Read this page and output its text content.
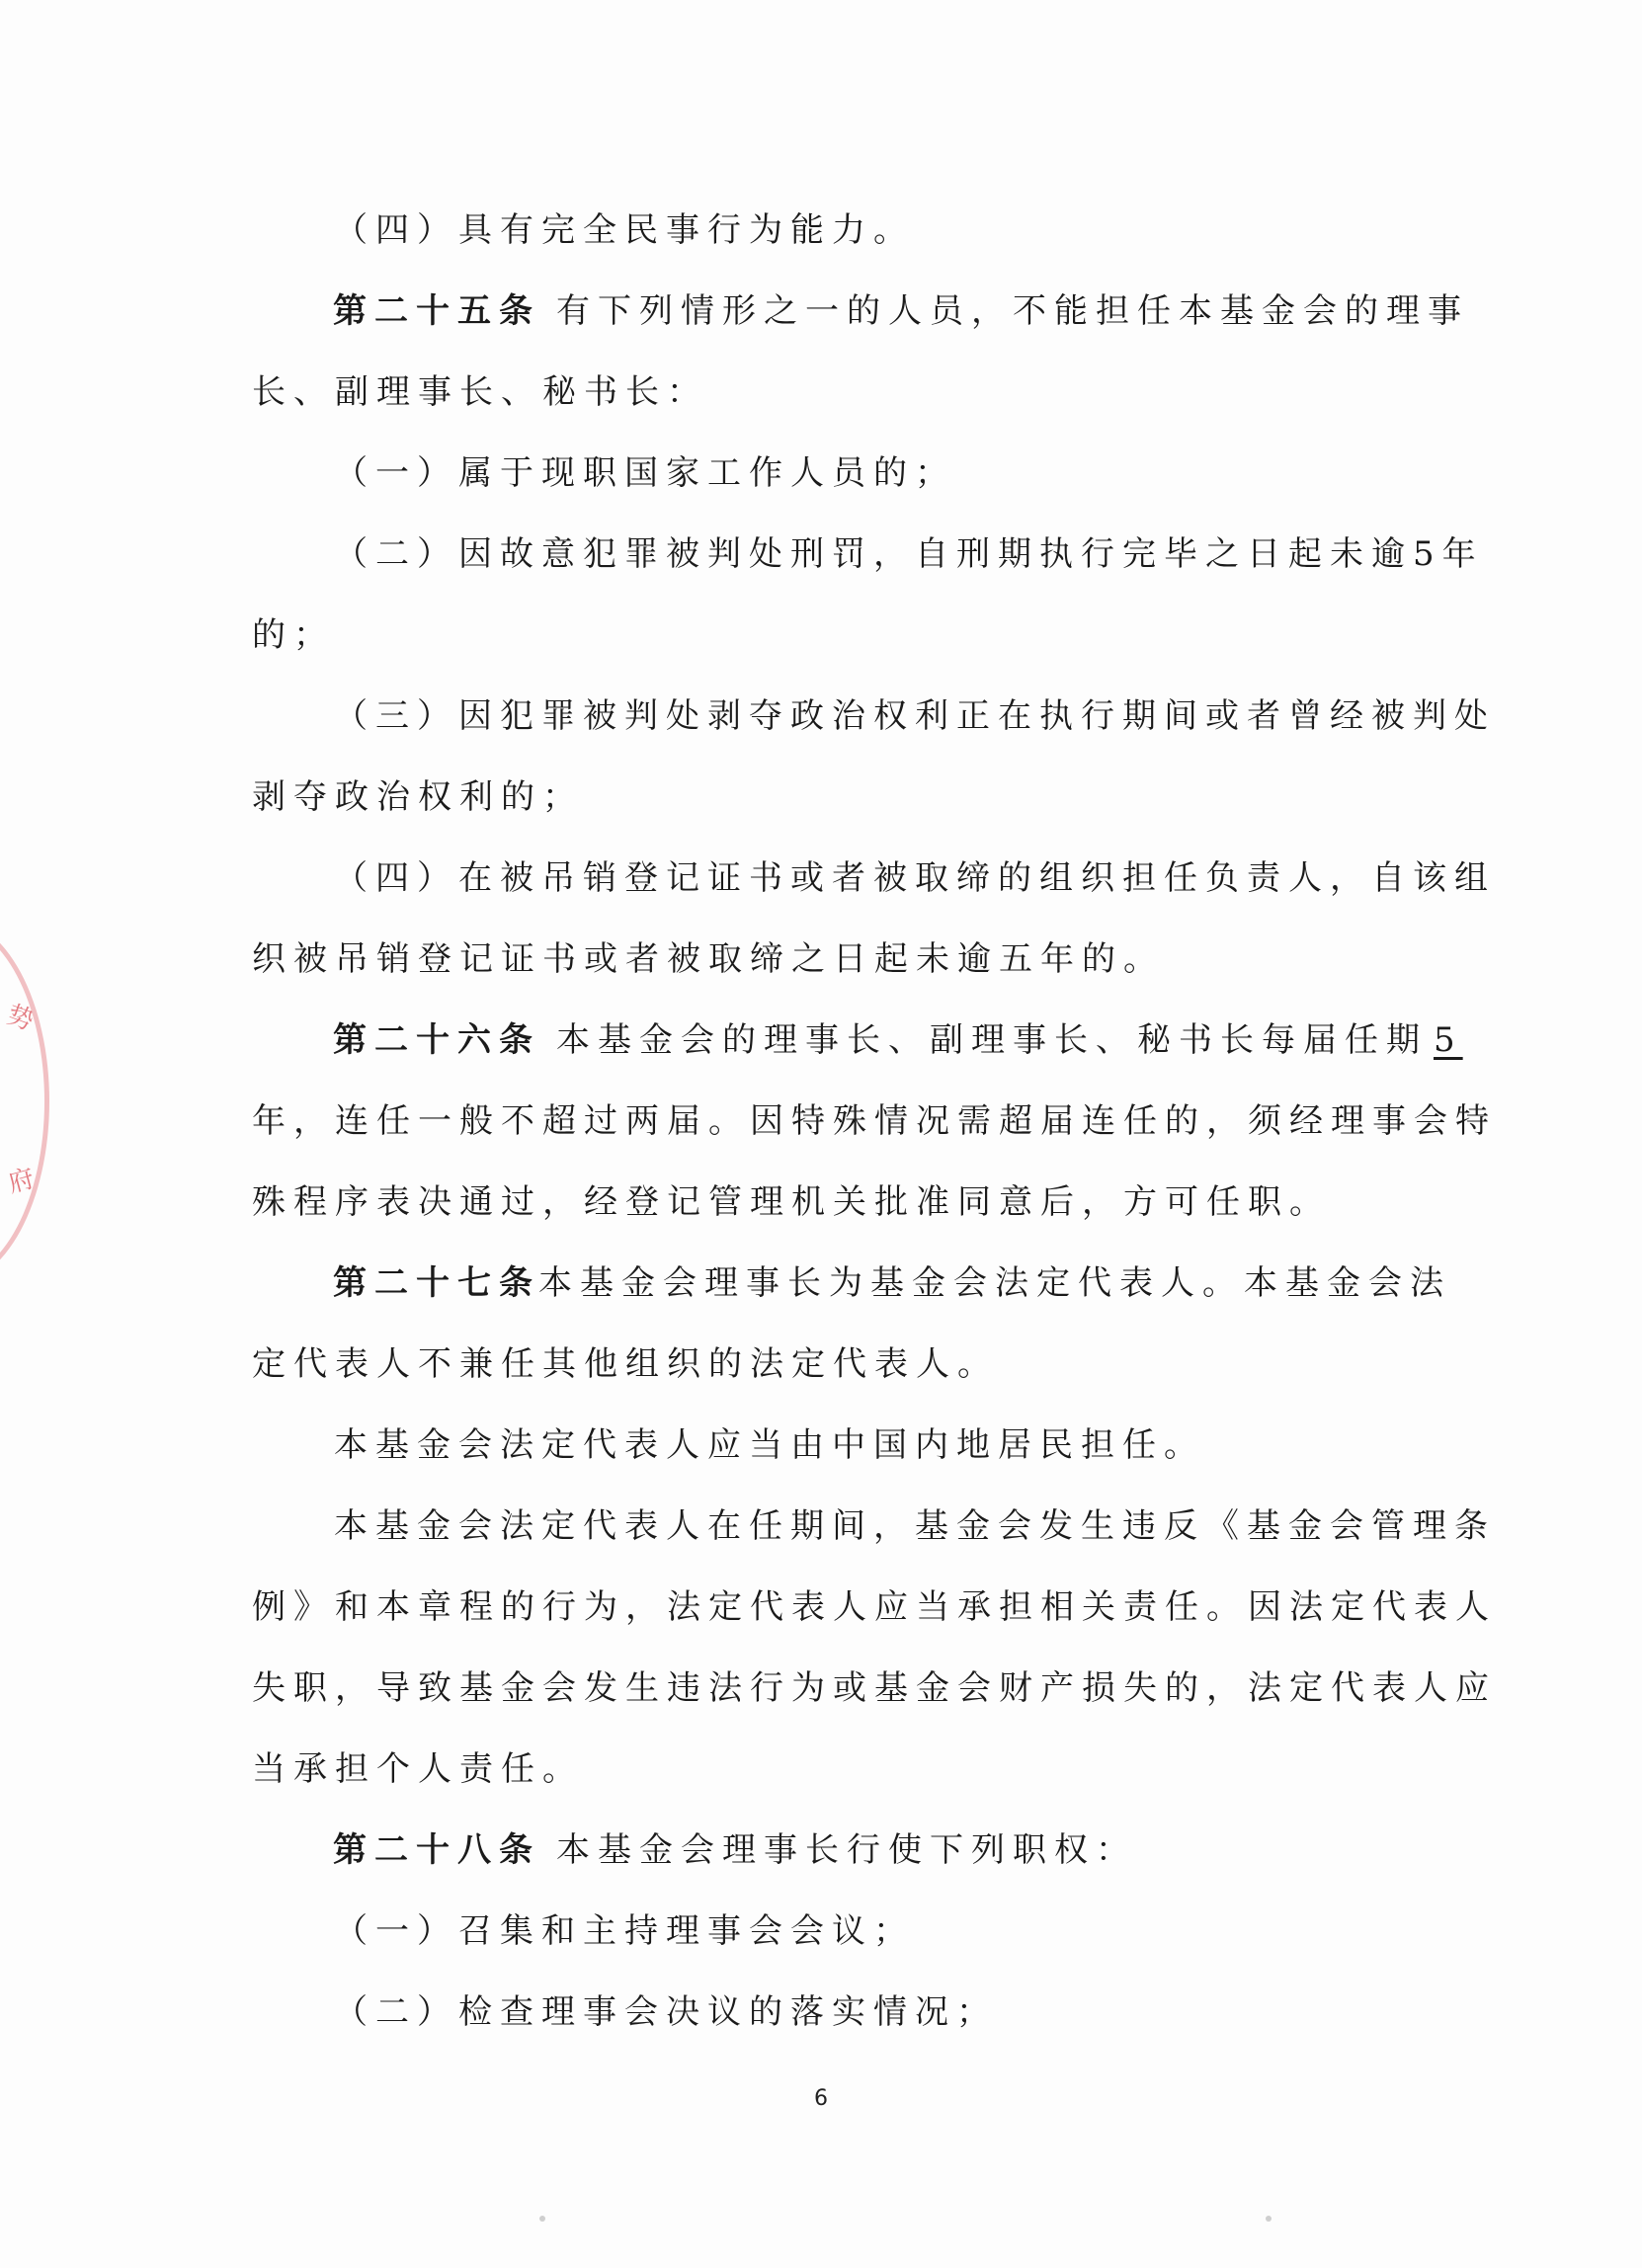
势
府
（四）具有完全民事行为能力。
第二十五条 有下列情形之一的人员，不能担任本基金会的理事
长、副理事长、秘书长：
（一）属于现职国家工作人员的；
（二）因故意犯罪被判处刑罚，自刑期执行完毕之日起未逾5年
的；
（三）因犯罪被判处剥夺政治权利正在执行期间或者曾经被判处
剥夺政治权利的；
（四）在被吊销登记证书或者被取缔的组织担任负责人，自该组
织被吊销登记证书或者被取缔之日起未逾五年的。
第二十六条 本基金会的理事长、副理事长、秘书长每届任期 5
年，连任一般不超过两届。因特殊情况需超届连任的，须经理事会特
殊程序表决通过，经登记管理机关批准同意后，方可任职。
第二十七条
本基金会理事长为基金会法定代表人。本基金会法
定代表人不兼任其他组织的法定代表人。
本基金会法定代表人应当由中国内地居民担任。
本基金会法定代表人在任期间，基金会发生违反《基金会管理条
例》和本章程的行为，法定代表人应当承担相关责任。因法定代表人
失职，导致基金会发生违法行为或基金会财产损失的，法定代表人应
当承担个人责任。
第二十八条 本基金会理事长行使下列职权：
（一）召集和主持理事会会议；
（二）检查理事会决议的落实情况；
6
